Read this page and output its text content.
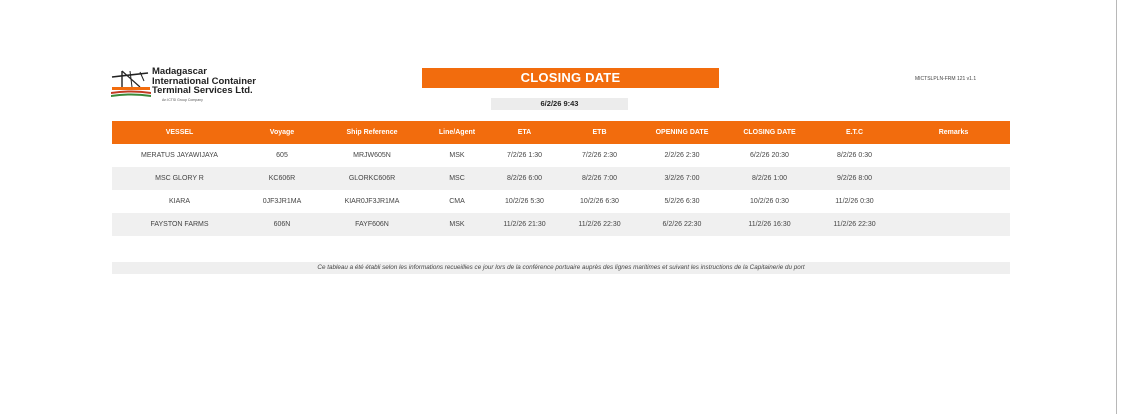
Madagascar
International Container
Terminal Services Ltd.
An ICTSI Group Company
CLOSING DATE
6/2/26 9:43
MICTSLPLN-FRM 121 v1.1
VESSEL	Voyage	Ship Reference	Line/Agent	ETA	ETB	OPENING DATE	CLOSING DATE	E.T.C	Remarks
MERATUS JAYAWIJAYA	605	MRJW605N	MSK	7/2/26 1:30	7/2/26 2:30	2/2/26 2:30	6/2/26 20:30	8/2/26 0:30	
MSC GLORY R	KC606R	GLORKC606R	MSC	8/2/26 6:00	8/2/26 7:00	3/2/26 7:00	8/2/26 1:00	9/2/26 8:00	
KIARA	0JF3JR1MA	KIAR0JF3JR1MA	CMA	10/2/26 5:30	10/2/26 6:30	5/2/26 6:30	10/2/26 0:30	11/2/26 0:30	
FAYSTON FARMS	606N	FAYF606N	MSK	11/2/26 21:30	11/2/26 22:30	6/2/26 22:30	11/2/26 16:30	11/2/26 22:30	
Ce tableau a été établi selon les informations recueillies ce jour lors de la conférence portuaire auprès des lignes maritimes et suivant les instructions de la Capitainerie du port
